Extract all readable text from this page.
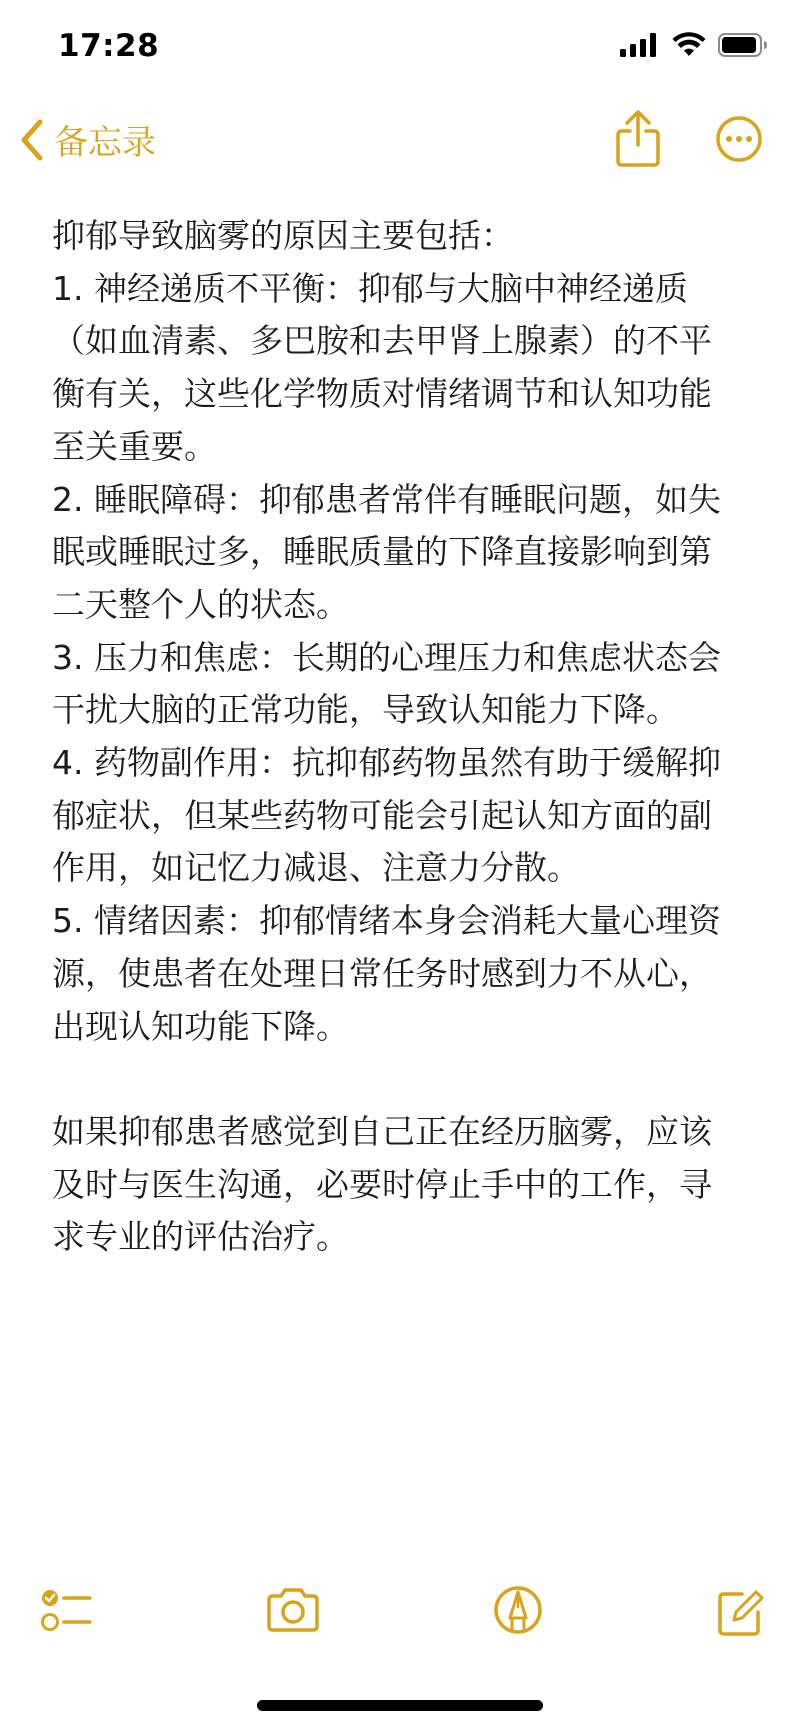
17:28
备忘录

抑郁导致脑雾的原因主要包括：

1. 神经递质不平衡：抑郁与大脑中神经递质（如血清素、多巴胺和去甲肾上腺素）的不平衡有关，这些化学物质对情绪调节和认知功能至关重要。

2. 睡眠障碍：抑郁患者常伴有睡眠问题，如失眠或睡眠过多，睡眠质量的下降直接影响到第二天整个人的状态。

3. 压力和焦虑：长期的心理压力和焦虑状态会干扰大脑的正常功能，导致认知能力下降。

4. 药物副作用：抗抑郁药物虽然有助于缓解抑郁症状，但某些药物可能会引起认知方面的副作用，如记忆力减退、注意力分散。

5. 情绪因素：抑郁情绪本身会消耗大量心理资源，使患者在处理日常任务时感到力不从心，出现认知功能下降。

如果抑郁患者感觉到自己正在经历脑雾，应该及时与医生沟通，必要时停止手中的工作，寻求专业的评估治疗。
